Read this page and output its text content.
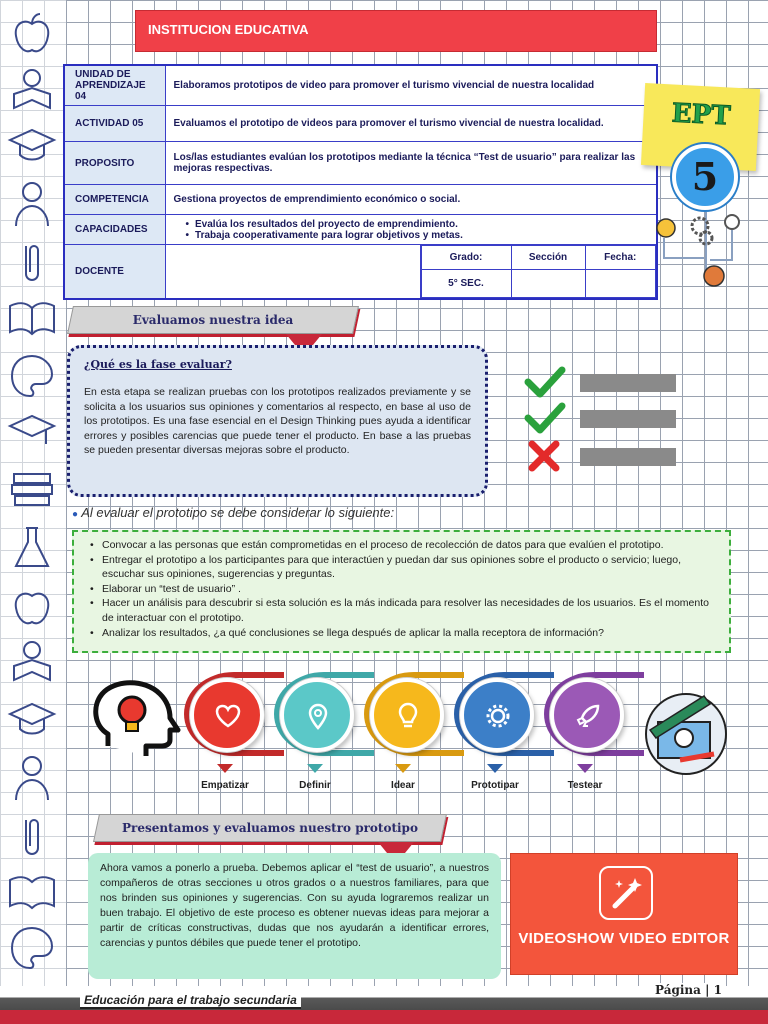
INSTITUCION EDUCATIVA
UNIDAD DE APRENDIZAJE 04	Elaboramos prototipos de video para promover el turismo vivencial de nuestra localidad
ACTIVIDAD 05	Evaluamos el prototipo de videos para promover el turismo vivencial de nuestra localidad.
PROPOSITO	Los/las estudiantes evalúan los prototipos mediante la técnica “Test de usuario” para realizar las mejoras respectivas.
COMPETENCIA	Gestiona proyectos de emprendimiento económico o social.
CAPACIDADES	
•Evalúa los resultados del proyecto de emprendimiento.
• Trabaja cooperativamente para lograr objetivos y metas.

DOCENTE		
Grado:	Sección	Fecha:
5° SEC.		
EPT
5
Evaluamos nuestra idea
¿Qué es la fase evaluar?

En esta etapa se realizan pruebas con los prototipos realizados previamente y se solicita a los usuarios sus opiniones y comentarios al respecto, en base al uso de los prototipos. Es una fase esencial en el Design Thinking pues ayuda a identificar errores y posibles carencias que puede tener el producto. En base a las pruebas se pueden presentar diversas mejoras sobre el producto.

● Al evaluar el prototipo se debe considerar lo siguiente:
• Convocar a las personas que están comprometidas en el proceso de recolección de datos para que evalúen el prototipo.
• Entregar el prototipo a los participantes para que interactúen y puedan dar sus opiniones sobre el producto o servicio; luego, escuchar sus opiniones, sugerencias y preguntas.
• Elaborar un “test de usuario” .
• Hacer un análisis para descubrir si esta solución es la más indicada para resolver las necesidades de los usuarios. Es el momento de interactuar con el prototipo.
• Analizar los resultados, ¿a qué conclusiones se llega después de aplicar la malla receptora de información?
Empatizar	Definir	Idear	Prototipar	Testear
Presentamos y evaluamos nuestro prototipo

Ahora vamos a ponerlo a prueba. Debemos aplicar el “test de usuario”, a nuestros compañeros de otras secciones u otros grados o a nuestros familiares, para que nos brinden sus opiniones y sugerencias. Con su ayuda lograremos realizar un buen trabajo. El objetivo de este proceso es obtener nuevas ideas para mejorar a partir de críticas constructivas, dudas que nos ayudarán a identificar errores, carencias y puntos débiles que puede tener el prototipo.	VIDEOSHOW VIDEO EDITOR
Educación para el trabajo secundaria
Página | 1
